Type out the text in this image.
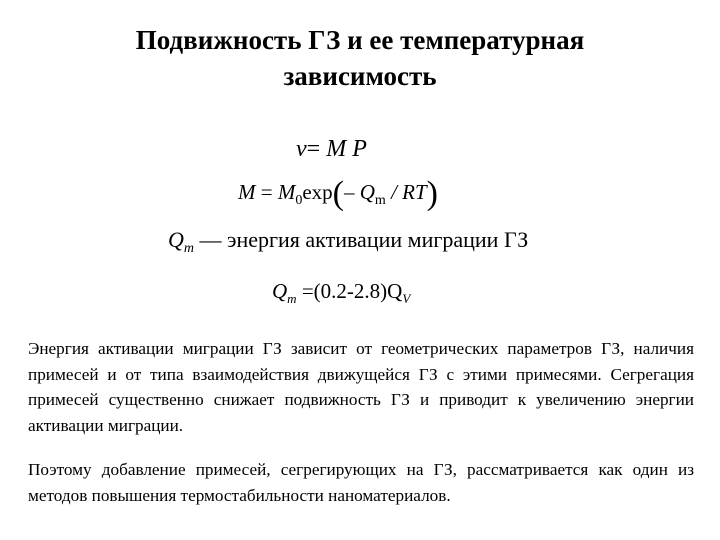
Подвижность ГЗ и ее температурная
зависимость
v= M P
$M = M_0\exp(-$ $Q_m / RT$)
$Q_m$ — энергия активации миграции ГЗ
$Q_m =(0.2-2.8)Q_V$

Энергия активации миграции ГЗ зависит от геометрических параметров ГЗ, наличия примесей и от типа взаимодействия движущейся ГЗ с этими примесями. Сегрегация примесей существенно снижает подвижность ГЗ и приводит к увеличению энергии активации миграции.

Поэтому добавление примесей, сегрегирующих на ГЗ, рассматривается как один из методов повышения термостабильности наноматериалов.
